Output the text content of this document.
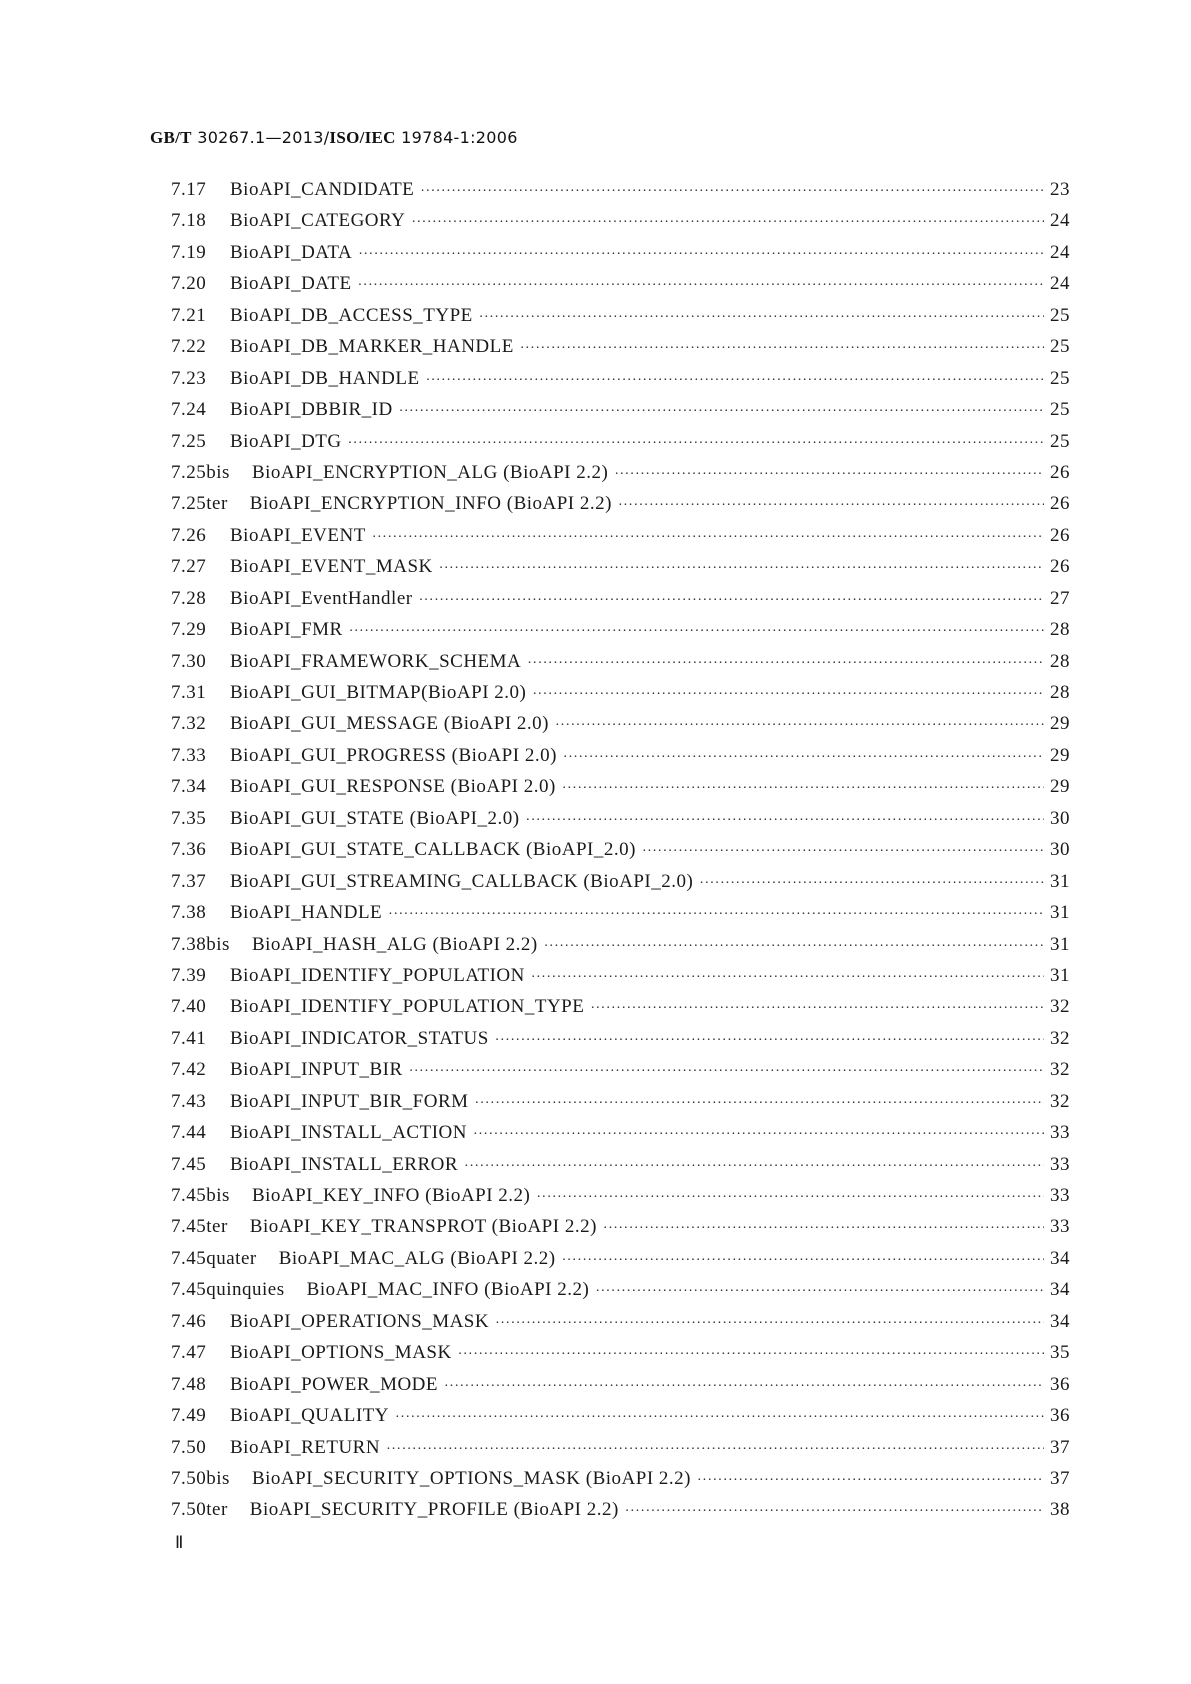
GB/T 30267.1—2013/ISO/IEC 19784-1:2006
7.17	BioAPI_CANDIDATE ·····	23
7.18	BioAPI_CATEGORY ·····	24
7.19	BioAPI_DATA ·····	24
7.20	BioAPI_DATE ·····	24
7.21	BioAPI_DB_ACCESS_TYPE ·····	25
7.22	BioAPI_DB_MARKER_HANDLE ·····	25
7.23	BioAPI_DB_HANDLE ·····	25
7.24	BioAPI_DBBIR_ID ·····	25
7.25	BioAPI_DTG ·····	25
7.25bis	BioAPI_ENCRYPTION_ALG (BioAPI 2.2) ·····	26
7.25ter	BioAPI_ENCRYPTION_INFO (BioAPI 2.2) ·····	26
7.26	BioAPI_EVENT ·····	26
7.27	BioAPI_EVENT_MASK ·····	26
7.28	BioAPI_EventHandler ·····	27
7.29	BioAPI_FMR ·····	28
7.30	BioAPI_FRAMEWORK_SCHEMA ·····	28
7.31	BioAPI_GUI_BITMAP(BioAPI 2.0) ·····	28
7.32	BioAPI_GUI_MESSAGE (BioAPI 2.0) ·····	29
7.33	BioAPI_GUI_PROGRESS (BioAPI 2.0) ·····	29
7.34	BioAPI_GUI_RESPONSE (BioAPI 2.0) ·····	29
7.35	BioAPI_GUI_STATE (BioAPI_2.0) ·····	30
7.36	BioAPI_GUI_STATE_CALLBACK (BioAPI_2.0) ·····	30
7.37	BioAPI_GUI_STREAMING_CALLBACK (BioAPI_2.0) ·····	31
7.38	BioAPI_HANDLE ·····	31
7.38bis	BioAPI_HASH_ALG (BioAPI 2.2) ·····	31
7.39	BioAPI_IDENTIFY_POPULATION ·····	31
7.40	BioAPI_IDENTIFY_POPULATION_TYPE ·····	32
7.41	BioAPI_INDICATOR_STATUS ·····	32
7.42	BioAPI_INPUT_BIR ·····	32
7.43	BioAPI_INPUT_BIR_FORM ·····	32
7.44	BioAPI_INSTALL_ACTION ·····	33
7.45	BioAPI_INSTALL_ERROR ·····	33
7.45bis	BioAPI_KEY_INFO (BioAPI 2.2) ·····	33
7.45ter	BioAPI_KEY_TRANSPROT (BioAPI 2.2) ·····	33
7.45quater	BioAPI_MAC_ALG (BioAPI 2.2) ·····	34
7.45quinquies	BioAPI_MAC_INFO (BioAPI 2.2) ·····	34
7.46	BioAPI_OPERATIONS_MASK ·····	34
7.47	BioAPI_OPTIONS_MASK ·····	35
7.48	BioAPI_POWER_MODE ·····	36
7.49	BioAPI_QUALITY ·····	36
7.50	BioAPI_RETURN ·····	37
7.50bis	BioAPI_SECURITY_OPTIONS_MASK (BioAPI 2.2) ·····	37
7.50ter	BioAPI_SECURITY_PROFILE (BioAPI 2.2) ·····	38
Ⅱ
